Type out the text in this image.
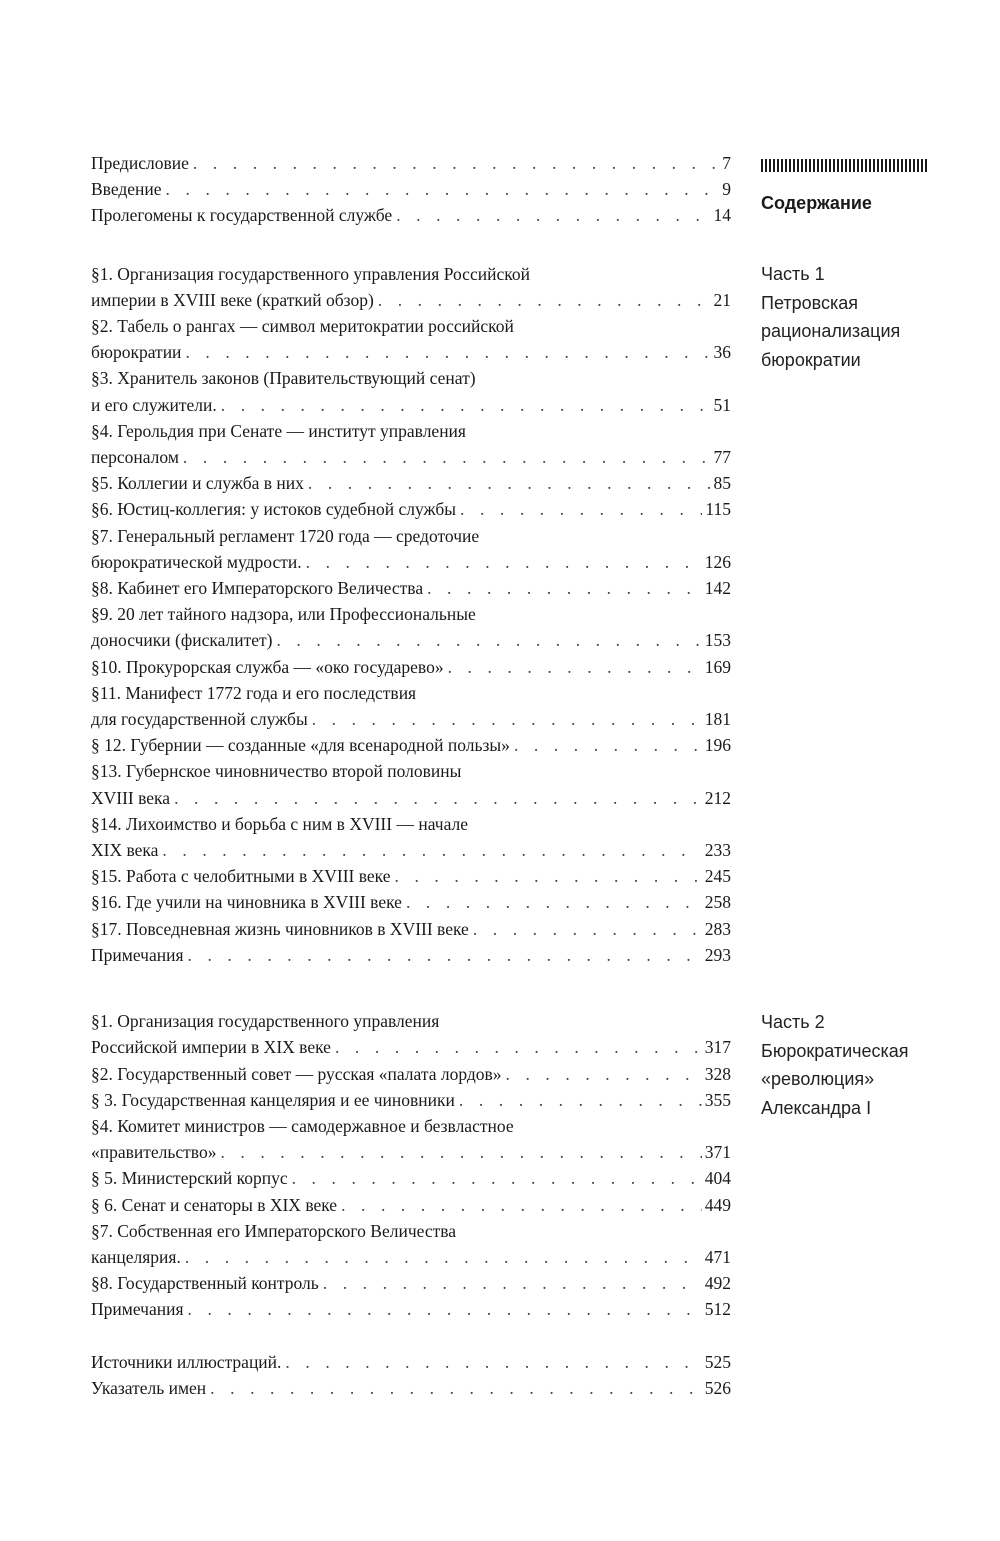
Предисловие . . .	7
Введение . . .	9
Пролегомены к государственной службе . . .	14
§1. Организация государственного управления Российской
империи в XVIII веке (краткий обзор) . . .	21
§2. Табель о рангах — символ меритократии российской
бюрократии . . .	36
§3. Хранитель законов (Правительствующий сенат)
и его служители. . . .	51
§4. Герольдия при Сенате — институт управления
персоналом . . .	77
§5. Коллегии и служба в них . . .	85
§6. Юстиц-коллегия: у истоков судебной службы . . .	115
§7. Генеральный регламент 1720 года — средоточие
бюрократической мудрости. . . .	126
§8. Кабинет его Императорского Величества . . .	142
§9. 20 лет тайного надзора, или Профессиональные
доносчики (фискалитет) . . .	153
§10. Прокурорская служба — «око государево» . . .	169
§11. Манифест 1772 года и его последствия
для государственной службы . . .	181
§ 12. Губернии — созданные «для всенародной пользы» . . .	196
§13. Губернское чиновничество второй половины
XVIII века . . .	212
§14. Лихоимство и борьба с ним в XVIII — начале
XIX века . . .	233
§15. Работа с челобитными в XVIII веке . . .	245
§16. Где учили на чиновника в XVIII веке . . .	258
§17. Повседневная жизнь чиновников в XVIII веке . . .	283
Примечания . . .	293
§1. Организация государственного управления
Российской империи в XIX веке . . .	317
§2. Государственный совет — русская «палата лордов» . . .	328
§ 3. Государственная канцелярия и ее чиновники . . .	355
§4. Комитет министров — самодержавное и безвластное
«правительство» . . .	371
§ 5. Министерский корпус . . .	404
§ 6. Сенат и сенаторы в XIX веке . . .	449
§7. Собственная его Императорского Величества
канцелярия. . . .	471
§8. Государственный контроль . . .	492
Примечания . . .	512
Источники иллюстраций. . . .	525
Указатель имен . . .	526
Содержание
Часть 1
Петровская
рационализация
бюрократии
Часть 2
Бюрократическая
«революция»
Александра I
